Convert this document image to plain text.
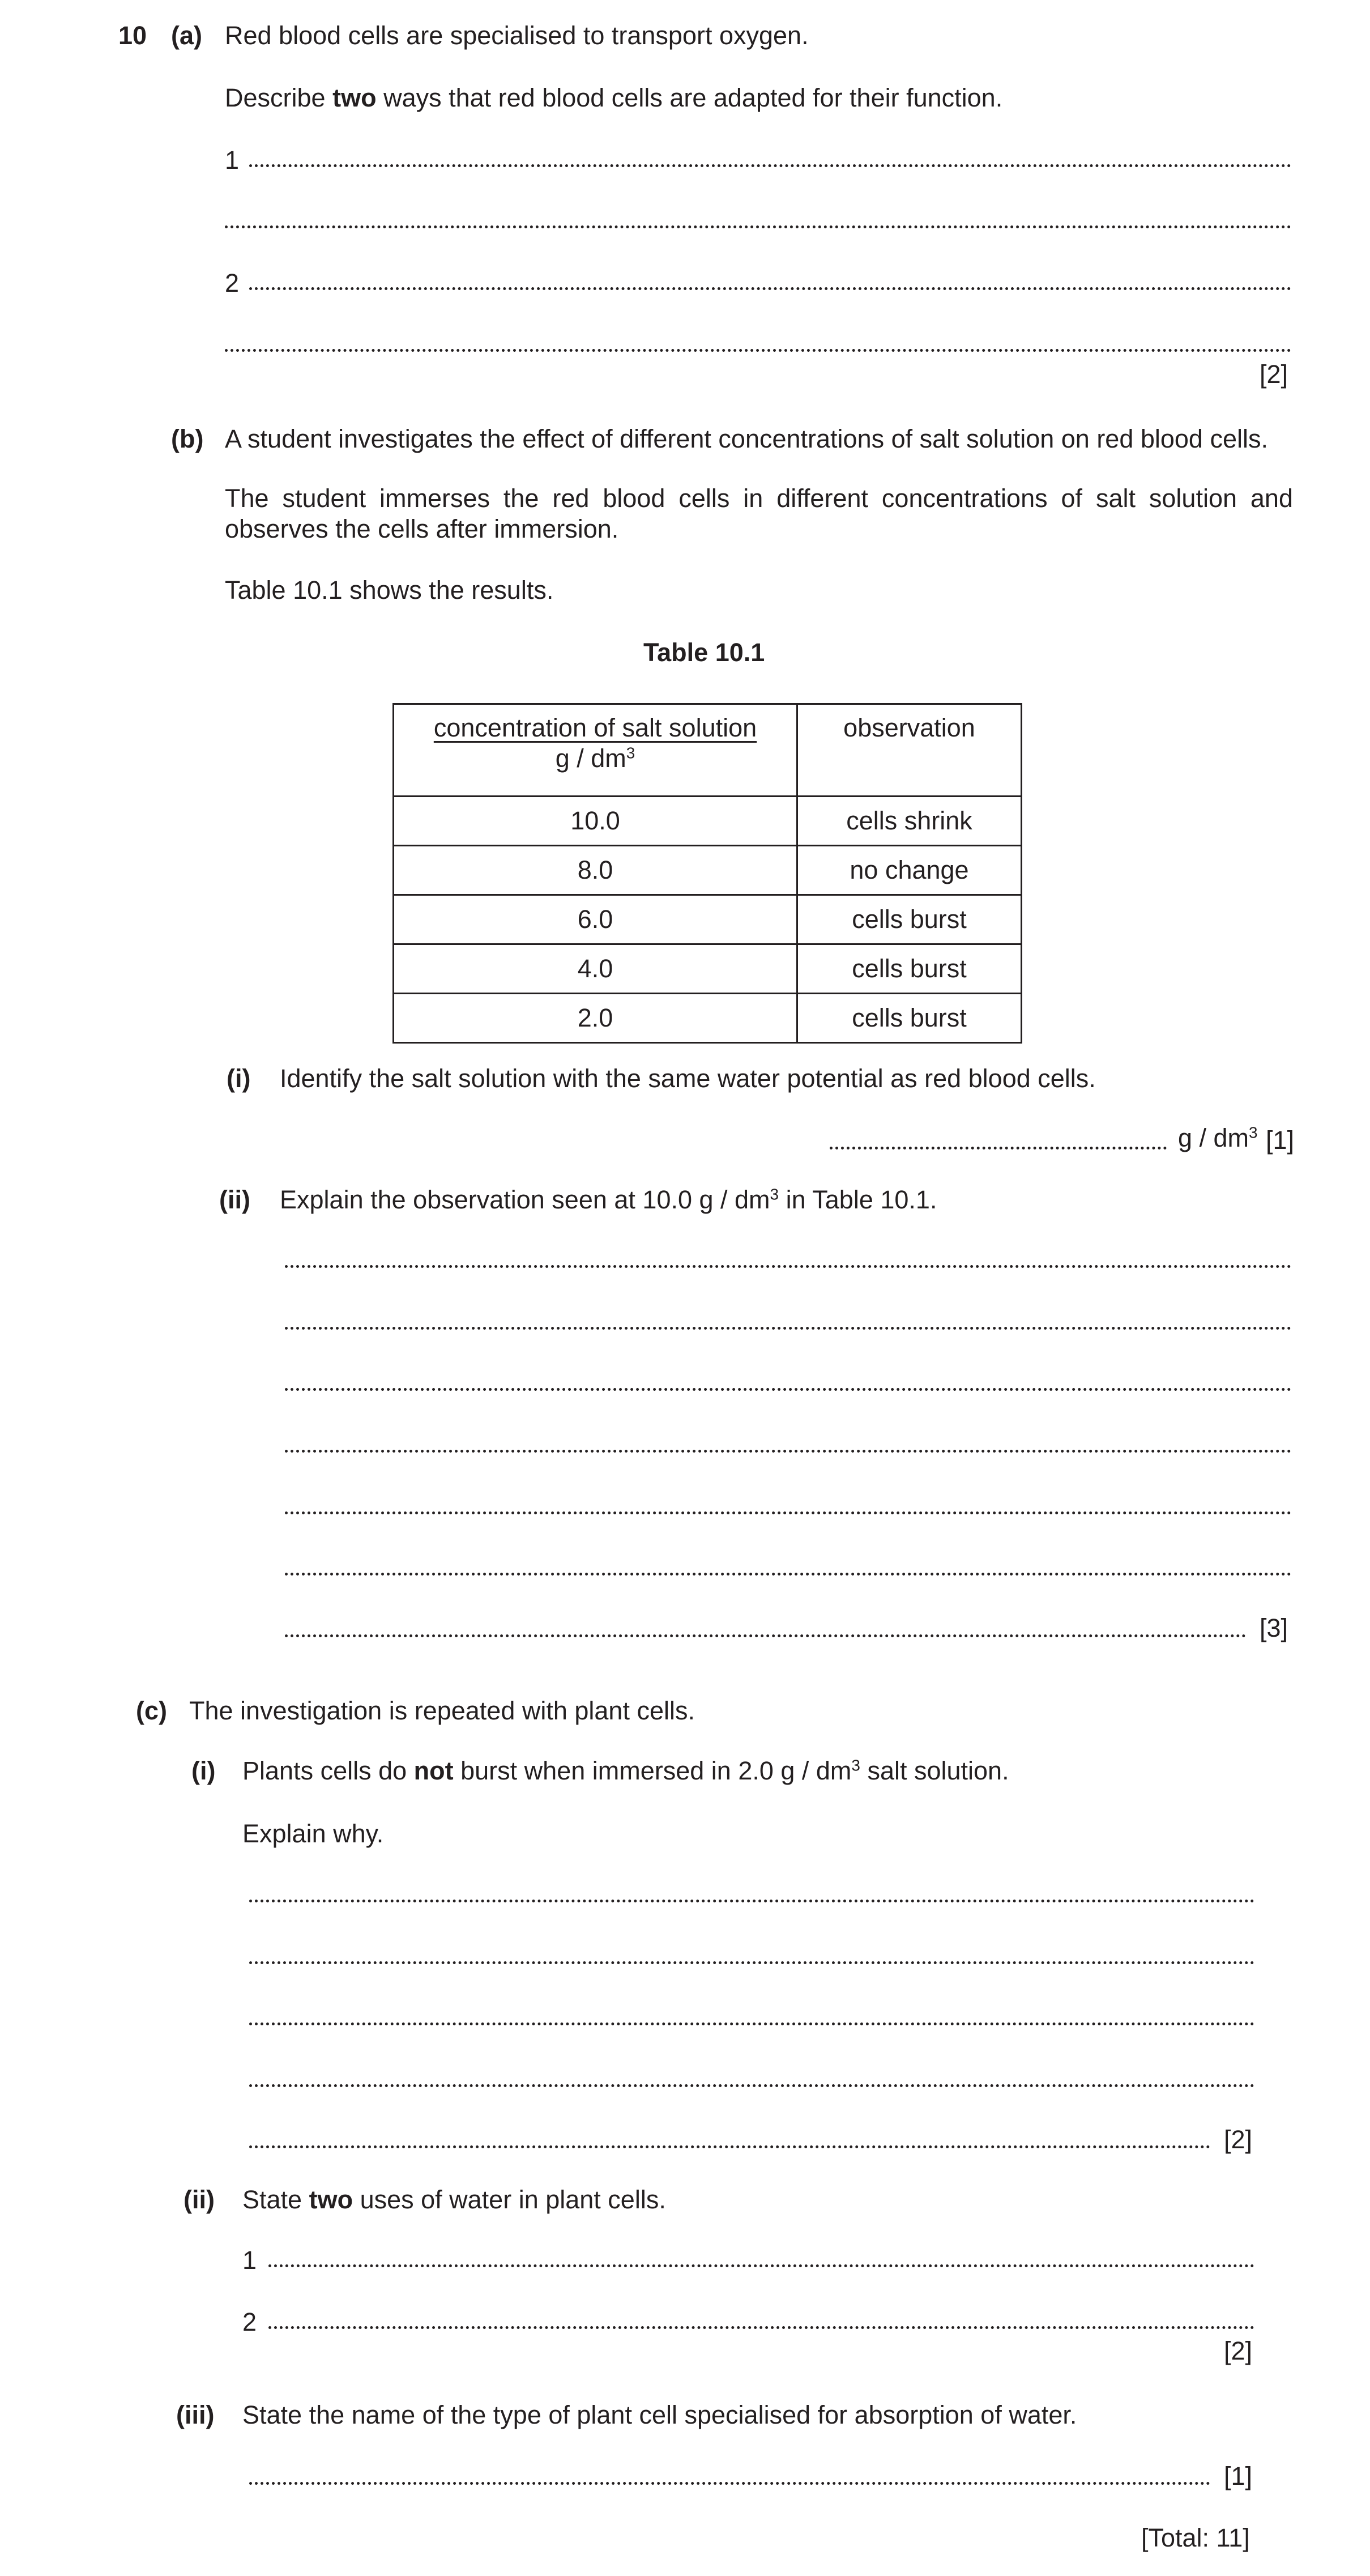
10 (a) Red blood cells are specialised to transport oxygen.
Describe two ways that red blood cells are adapted for their function.
1
2
[2]
(b) A student investigates the effect of different concentrations of salt solution on red blood cells.
The student immerses the red blood cells in different concentrations of salt solution and observes the cells after immersion.
Table 10.1 shows the results.
Table 10.1
concentration of salt solution
g / $dm^3$	observation
10.0	cells shrink
8.0	no change
6.0	cells burst
4.0	cells burst
2.0	cells burst
(i) Identify the salt solution with the same water potential as red blood cells.
g / $dm^3$ [1]
(ii) Explain the observation seen at 10.0 g / $dm^3$ in Table 10.1.
[3]
(c) The investigation is repeated with plant cells.
(i) Plants cells do not burst when immersed in 2.0 g / $dm^3$ salt solution.
Explain why.
[2]
(ii) State two uses of water in plant cells.
1
2
[2]
(iii) State the name of the type of plant cell specialised for absorption of water.
[1]
[Total: 11]
